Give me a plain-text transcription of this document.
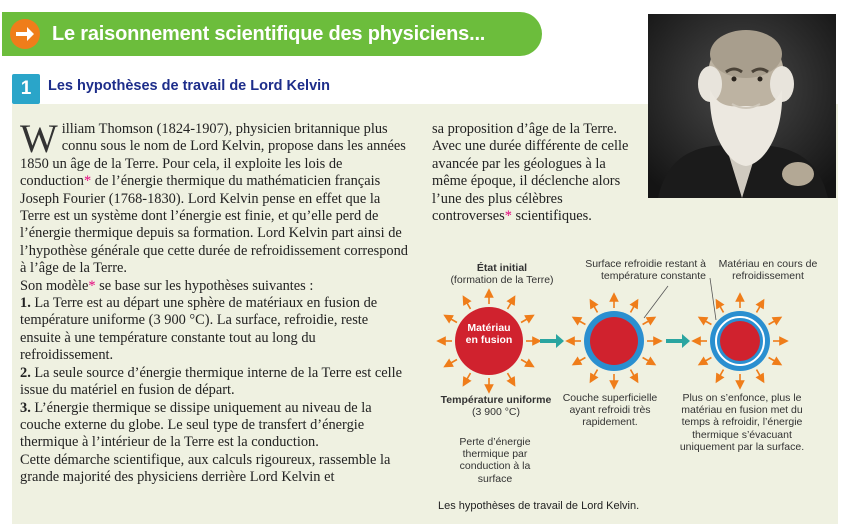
Le raisonnement scientifique des physiciens...
1	Les hypothèses de travail de Lord Kelvin

William Thomson (1824-1907), physicien britannique plus connu sous le nom de Lord Kelvin, propose dans les années 1850 un âge de la Terre. Pour cela, il exploite les lois de conduction* de l’énergie thermique du mathématicien français Joseph Fourier (1768-1830). Lord Kelvin pense en effet que la Terre est un système dont l’énergie est finie, et qu’elle perd de l’énergie thermique depuis sa formation. Lord Kelvin part ainsi de l’hypothèse générale que cette durée de refroidissement correspond à l’âge de la Terre.

Son modèle* se base sur les hypothèses suivantes :

1. La Terre est au départ une sphère de matériaux en fusion de température uniforme (3 900 °C). La surface, refroidie, reste ensuite à une température constante tout au long du refroidissement.

2. La seule source d’énergie thermique interne de la Terre est celle issue du matériel en fusion de départ.

3. L’énergie thermique se dissipe uniquement au niveau de la couche externe du globe. Le seul type de transfert d’énergie thermique à l’intérieur de la Terre est la conduction.

Cette démarche scientifique, aux calculs rigoureux, rassemble la grande majorité des physiciens derrière Lord Kelvin et

sa proposition d’âge de la Terre. Avec une durée différente de celle avancée par les géologues à la même époque, il déclenche alors l’une des plus célèbres controverses* scientifiques.

État initial
(formation de la Terre)
Surface refroidie restant à température constante
Matériau en cours de refroidissement
Matériau en fusion
Température uniforme
(3 900 °C)
Perte d’énergie thermique par conduction à la surface
Couche superficielle ayant refroidi très rapidement.
Plus on s’enfonce, plus le matériau en fusion met du temps à refroidir, l’énergie thermique s’évacuant uniquement par la surface.
Les hypothèses de travail de Lord Kelvin.
